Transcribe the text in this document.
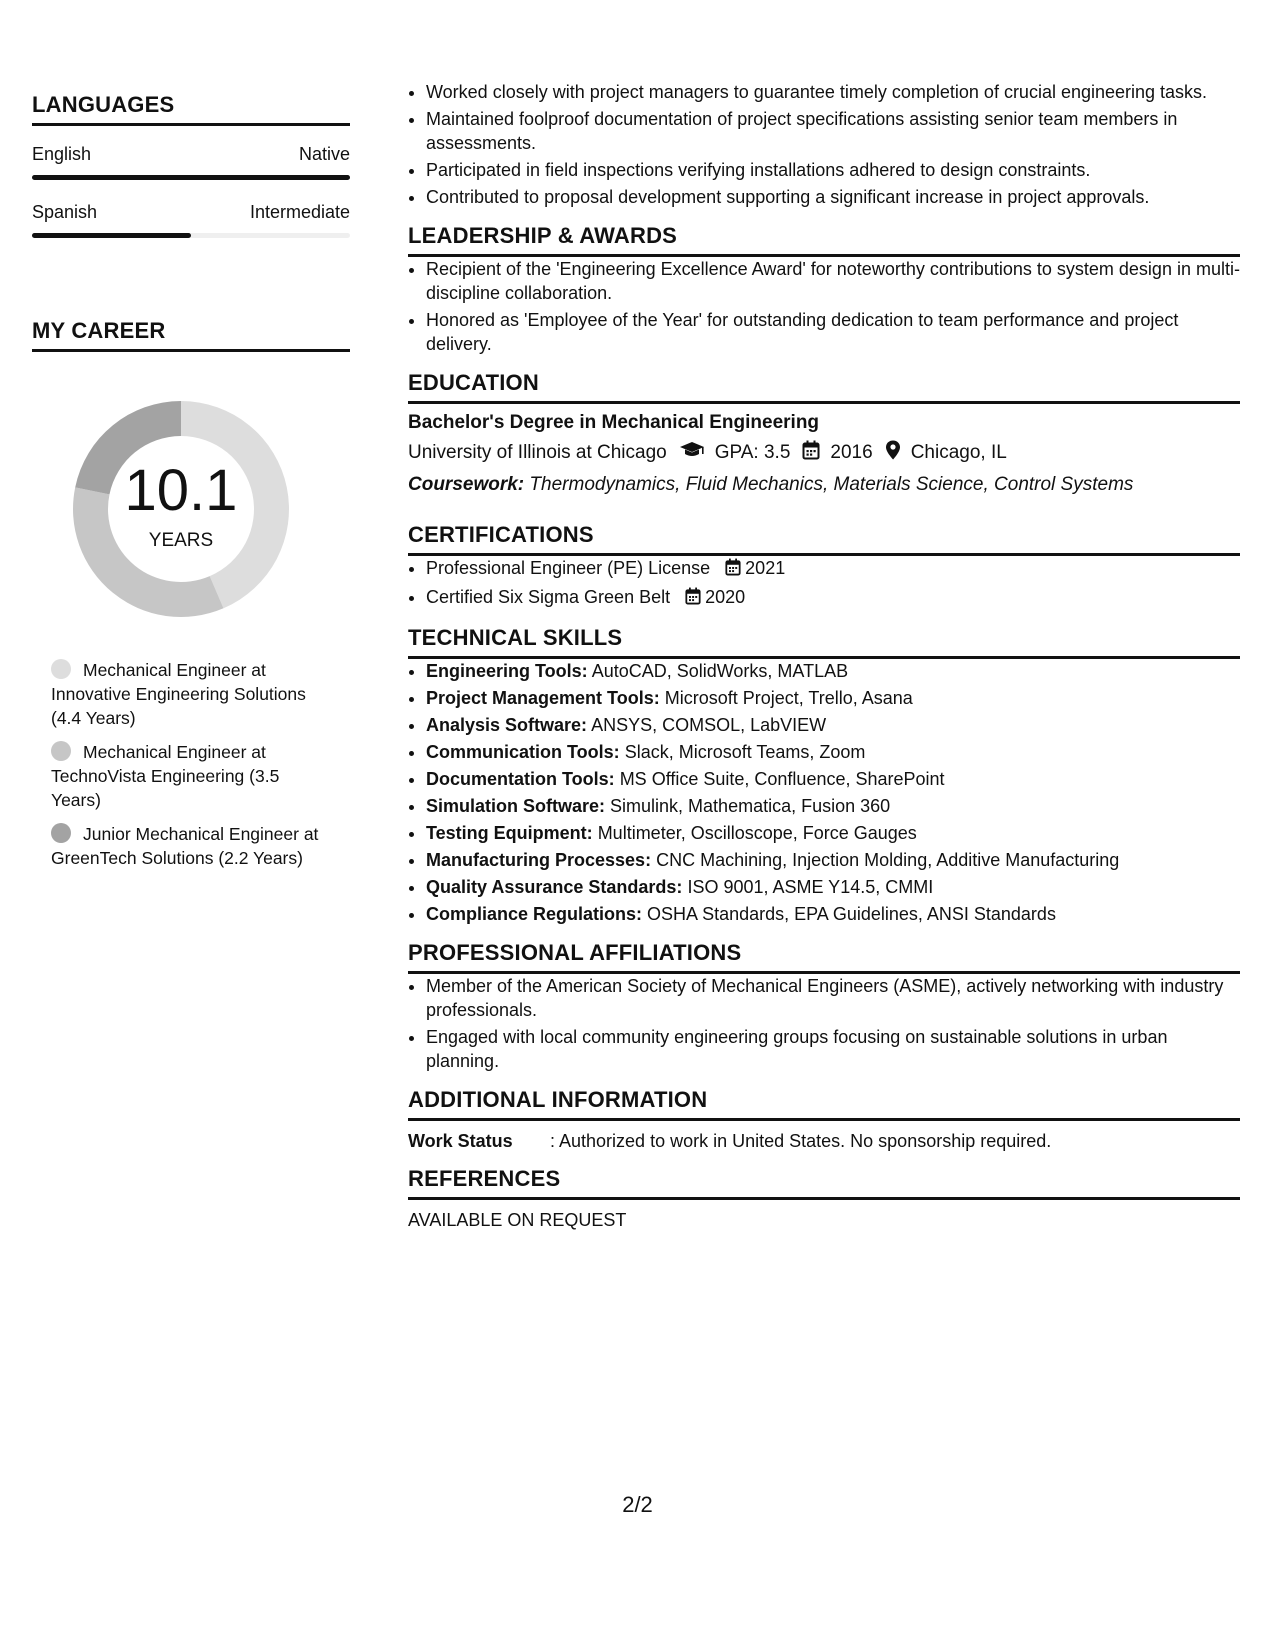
LANGUAGES
English	Native
Spanish	Intermediate
MY CAREER
10.1
YEARS
Mechanical Engineer at Innovative Engineering Solutions (4.4 Years)
Mechanical Engineer at TechnoVista Engineering (3.5 Years)
Junior Mechanical Engineer at GreenTech Solutions (2.2 Years)
• Worked closely with project managers to guarantee timely completion of crucial engineering tasks.
• Maintained foolproof documentation of project specifications assisting senior team members in assessments.
• Participated in field inspections verifying installations adhered to design constraints.
• Contributed to proposal development supporting a significant increase in project approvals.
LEADERSHIP & AWARDS
• Recipient of the 'Engineering Excellence Award' for noteworthy contributions to system design in multi-discipline collaboration.
• Honored as 'Employee of the Year' for outstanding dedication to team performance and project delivery.
EDUCATION
Bachelor's Degree in Mechanical Engineering
University of Illinois at Chicago	GPA: 3.5 2016 Chicago, IL
Coursework: Thermodynamics, Fluid Mechanics, Materials Science, Control Systems
CERTIFICATIONS
• Professional Engineer (PE) License 2021
• Certified Six Sigma Green Belt 2020
TECHNICAL SKILLS
• Engineering Tools: AutoCAD, SolidWorks, MATLAB
• Project Management Tools: Microsoft Project, Trello, Asana
• Analysis Software: ANSYS, COMSOL, LabVIEW
• Communication Tools: Slack, Microsoft Teams, Zoom
• Documentation Tools: MS Office Suite, Confluence, SharePoint
• Simulation Software: Simulink, Mathematica, Fusion 360
• Testing Equipment: Multimeter, Oscilloscope, Force Gauges
• Manufacturing Processes: CNC Machining, Injection Molding, Additive Manufacturing
• Quality Assurance Standards: ISO 9001, ASME Y14.5, CMMI
• Compliance Regulations: OSHA Standards, EPA Guidelines, ANSI Standards
PROFESSIONAL AFFILIATIONS
• Member of the American Society of Mechanical Engineers (ASME), actively networking with industry professionals.
• Engaged with local community engineering groups focusing on sustainable solutions in urban planning.
ADDITIONAL INFORMATION
Work Status	: Authorized to work in United States. No sponsorship required.
REFERENCES
AVAILABLE ON REQUEST
2/2
